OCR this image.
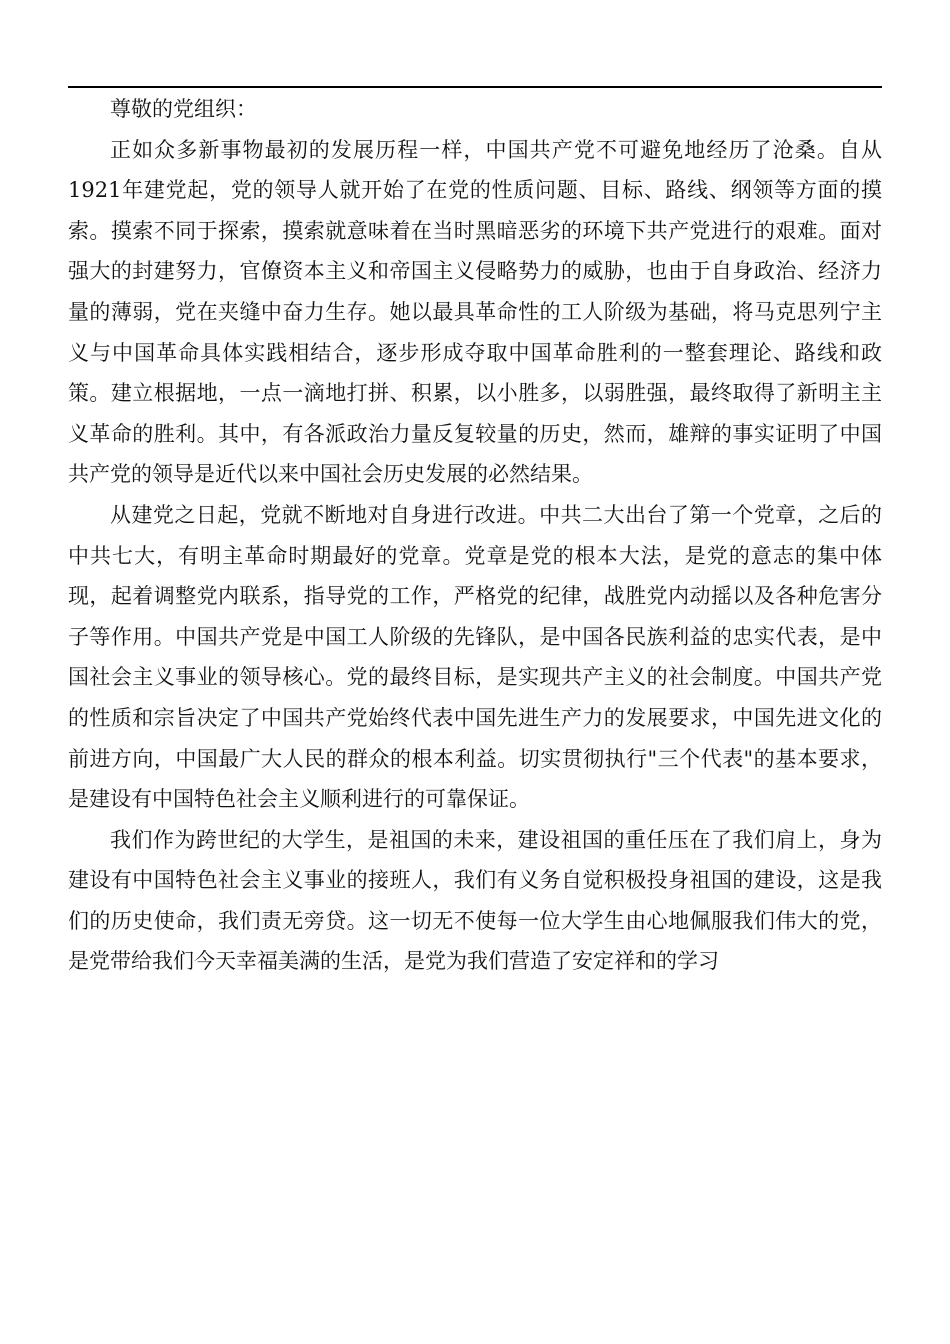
尊敬的党组织：

正如众多新事物最初的发展历程一样，中国共产党不可避免地经历了沧桑。自从1921年建党起，党的领导人就开始了在党的性质问题、目标、路线、纲领等方面的摸索。摸索不同于探索，摸索就意味着在当时黑暗恶劣的环境下共产党进行的艰难。面对强大的封建努力，官僚资本主义和帝国主义侵略势力的威胁，也由于自身政治、经济力量的薄弱，党在夹缝中奋力生存。她以最具革命性的工人阶级为基础，将马克思列宁主义与中国革命具体实践相结合，逐步形成夺取中国革命胜利的一整套理论、路线和政策。建立根据地，一点一滴地打拼、积累，以小胜多，以弱胜强，最终取得了新明主主义革命的胜利。其中，有各派政治力量反复较量的历史，然而，雄辩的事实证明了中国共产党的领导是近代以来中国社会历史发展的必然结果。

从建党之日起，党就不断地对自身进行改进。中共二大出台了第一个党章，之后的中共七大，有明主革命时期最好的党章。党章是党的根本大法，是党的意志的集中体现，起着调整党内联系，指导党的工作，严格党的纪律，战胜党内动摇以及各种危害分子等作用。中国共产党是中国工人阶级的先锋队，是中国各民族利益的忠实代表，是中国社会主义事业的领导核心。党的最终目标，是实现共产主义的社会制度。中国共产党的性质和宗旨决定了中国共产党始终代表中国先进生产力的发展要求，中国先进文化的前进方向，中国最广大人民的群众的根本利益。切实贯彻执行"三个代表"的基本要求，是建设有中国特色社会主义顺利进行的可靠保证。

我们作为跨世纪的大学生，是祖国的未来，建设祖国的重任压在了我们肩上，身为建设有中国特色社会主义事业的接班人，我们有义务自觉积极投身祖国的建设，这是我们的历史使命，我们责无旁贷。这一切无不使每一位大学生由心地佩服我们伟大的党，是党带给我们今天幸福美满的生活，是党为我们营造了安定祥和的学习
